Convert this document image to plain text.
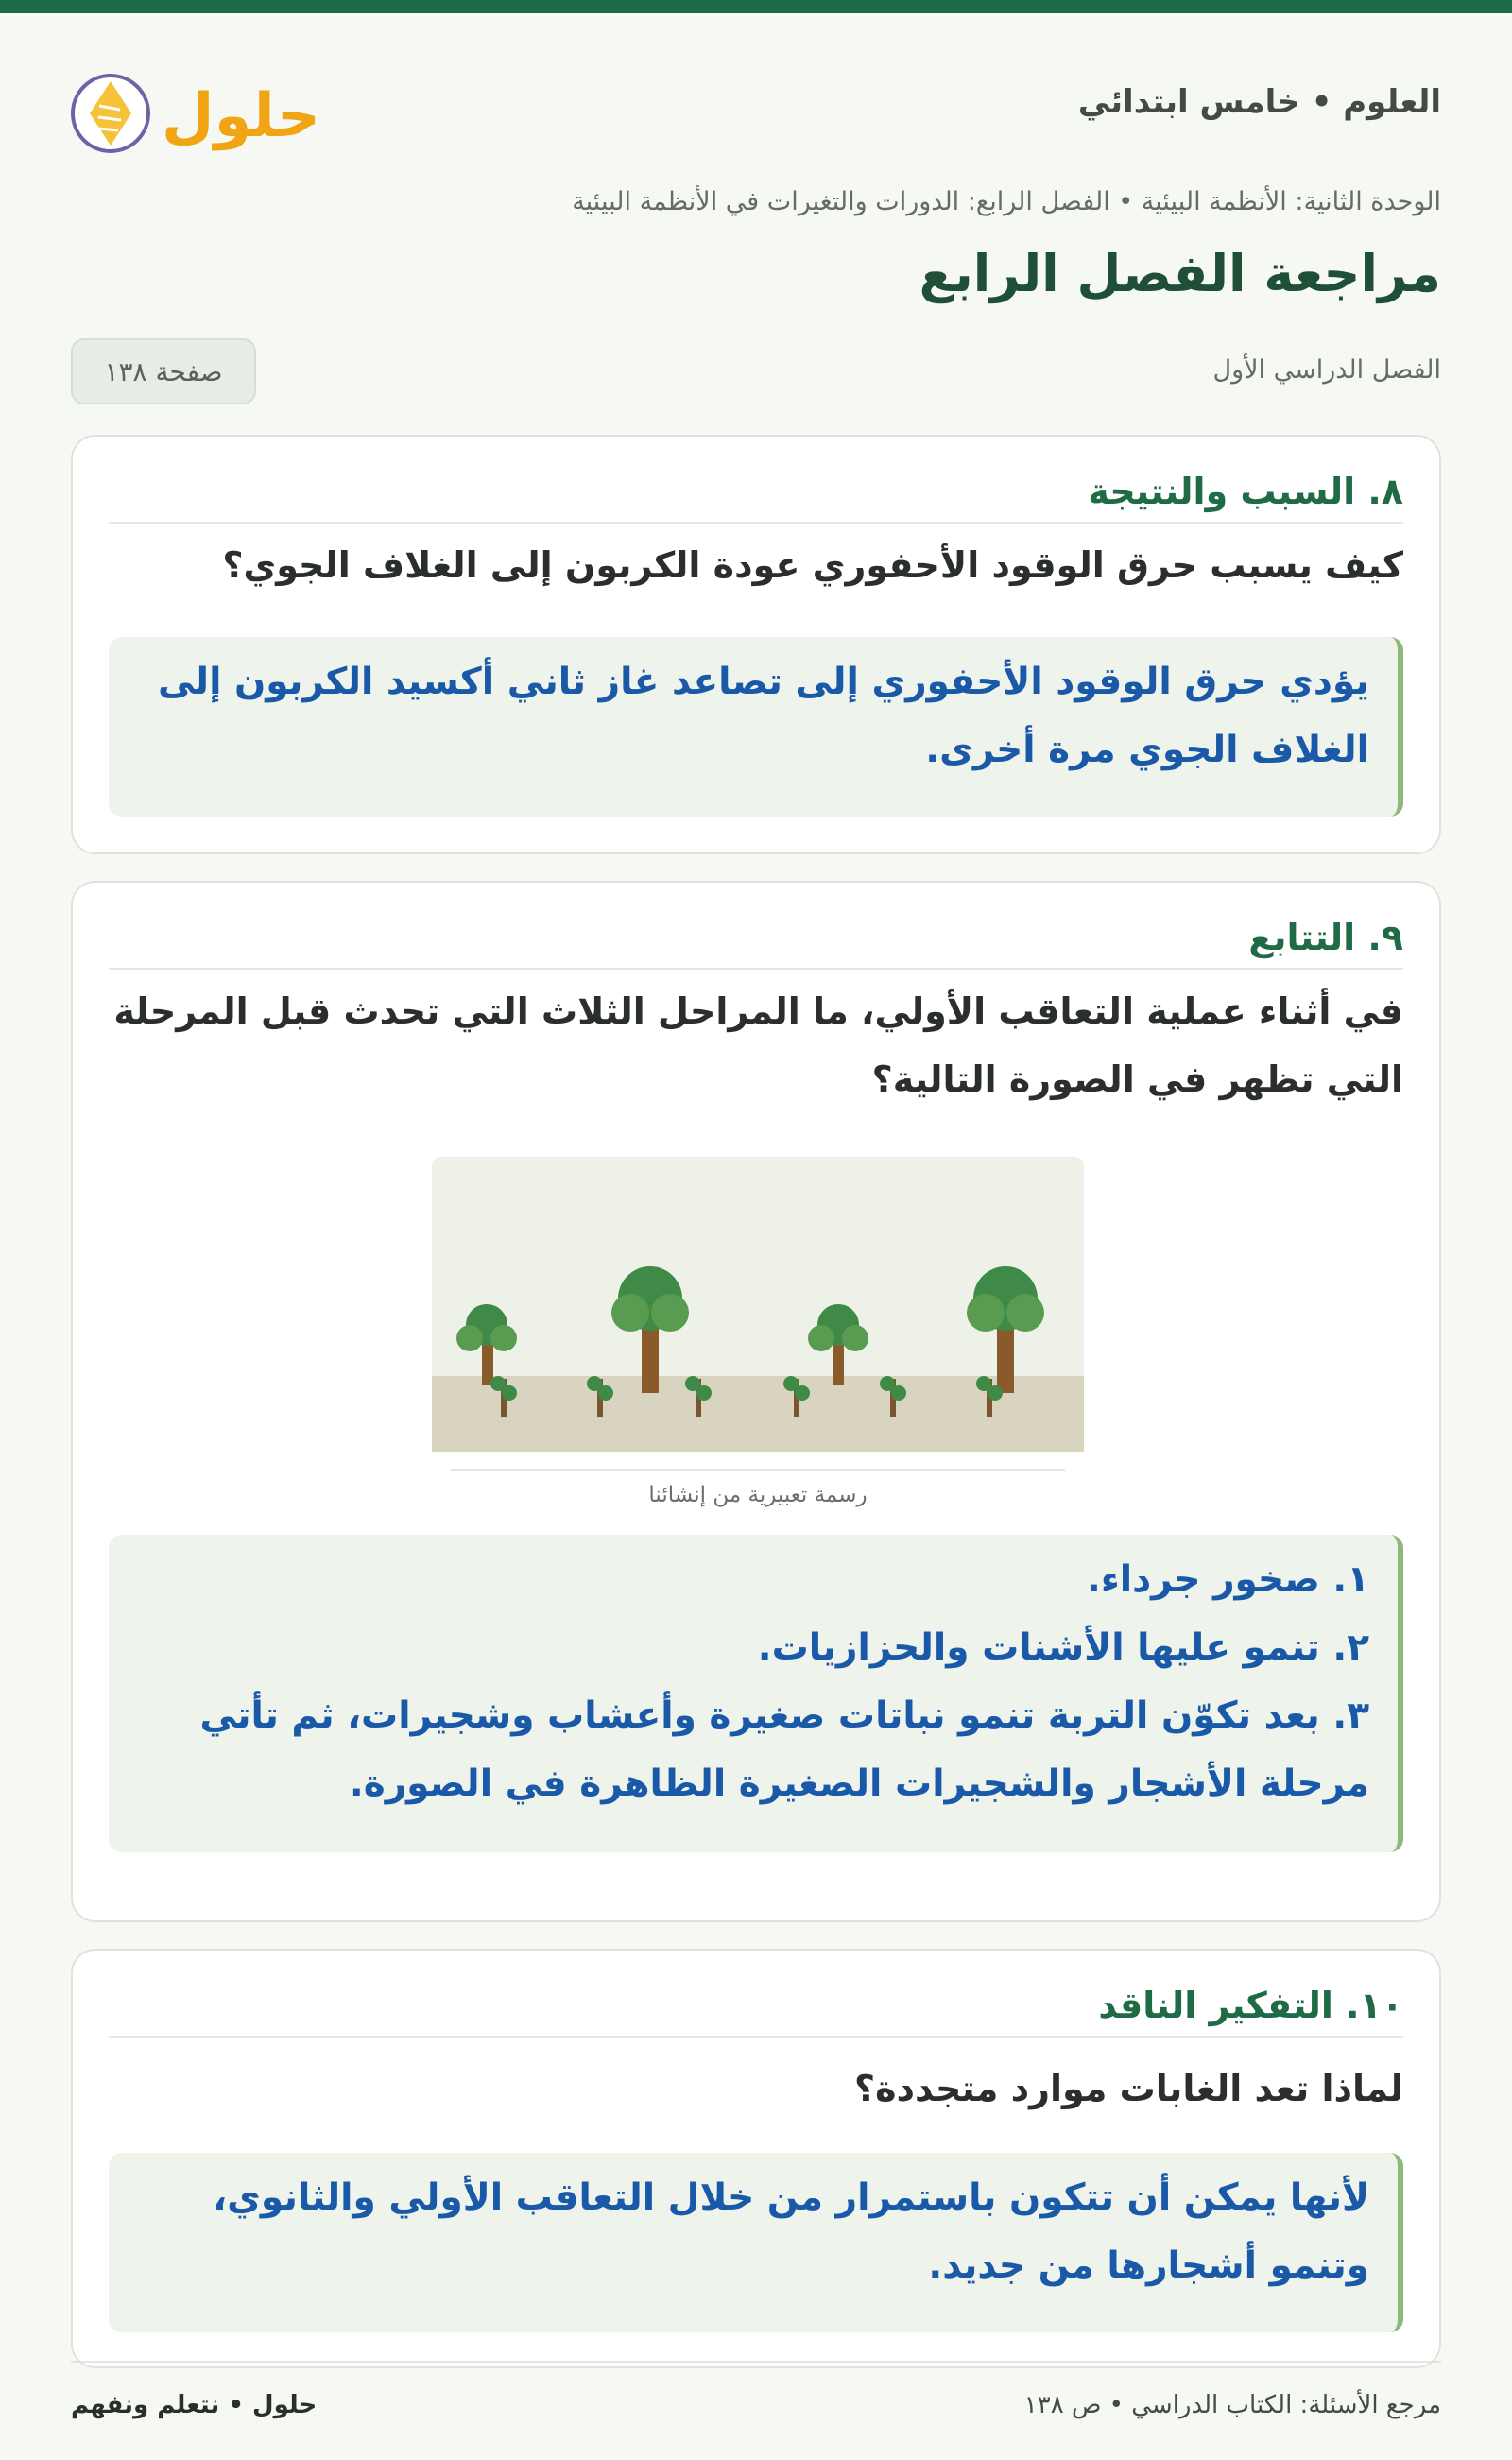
العلوم • خامس ابتدائي
حلول
الوحدة الثانية: الأنظمة البيئية • الفصل الرابع: الدورات والتغيرات في الأنظمة البيئية
مراجعة الفصل الرابع
الفصل الدراسي الأول
صفحة ١٣٨
٨. السبب والنتيجة
كيف يسبب حرق الوقود الأحفوري عودة الكربون إلى الغلاف الجوي؟
يؤدي حرق الوقود الأحفوري إلى تصاعد غاز ثاني أكسيد الكربون إلى
الغلاف الجوي مرة أخرى.
٩. التتابع
في أثناء عملية التعاقب الأولي، ما المراحل الثلاث التي تحدث قبل المرحلة
التي تظهر في الصورة التالية؟
رسمة تعبيرية من إنشائنا
١. صخور جرداء.
٢. تنمو عليها الأشنات والحزازيات.
٣. بعد تكوّن التربة تنمو نباتات صغيرة وأعشاب وشجيرات، ثم تأتي
مرحلة الأشجار والشجيرات الصغيرة الظاهرة في الصورة.
١٠. التفكير الناقد
لماذا تعد الغابات موارد متجددة؟
لأنها يمكن أن تتكون باستمرار من خلال التعاقب الأولي والثانوي،
وتنمو أشجارها من جديد.
مرجع الأسئلة: الكتاب الدراسي • ص ١٣٨
حلول • نتعلم ونفهم
